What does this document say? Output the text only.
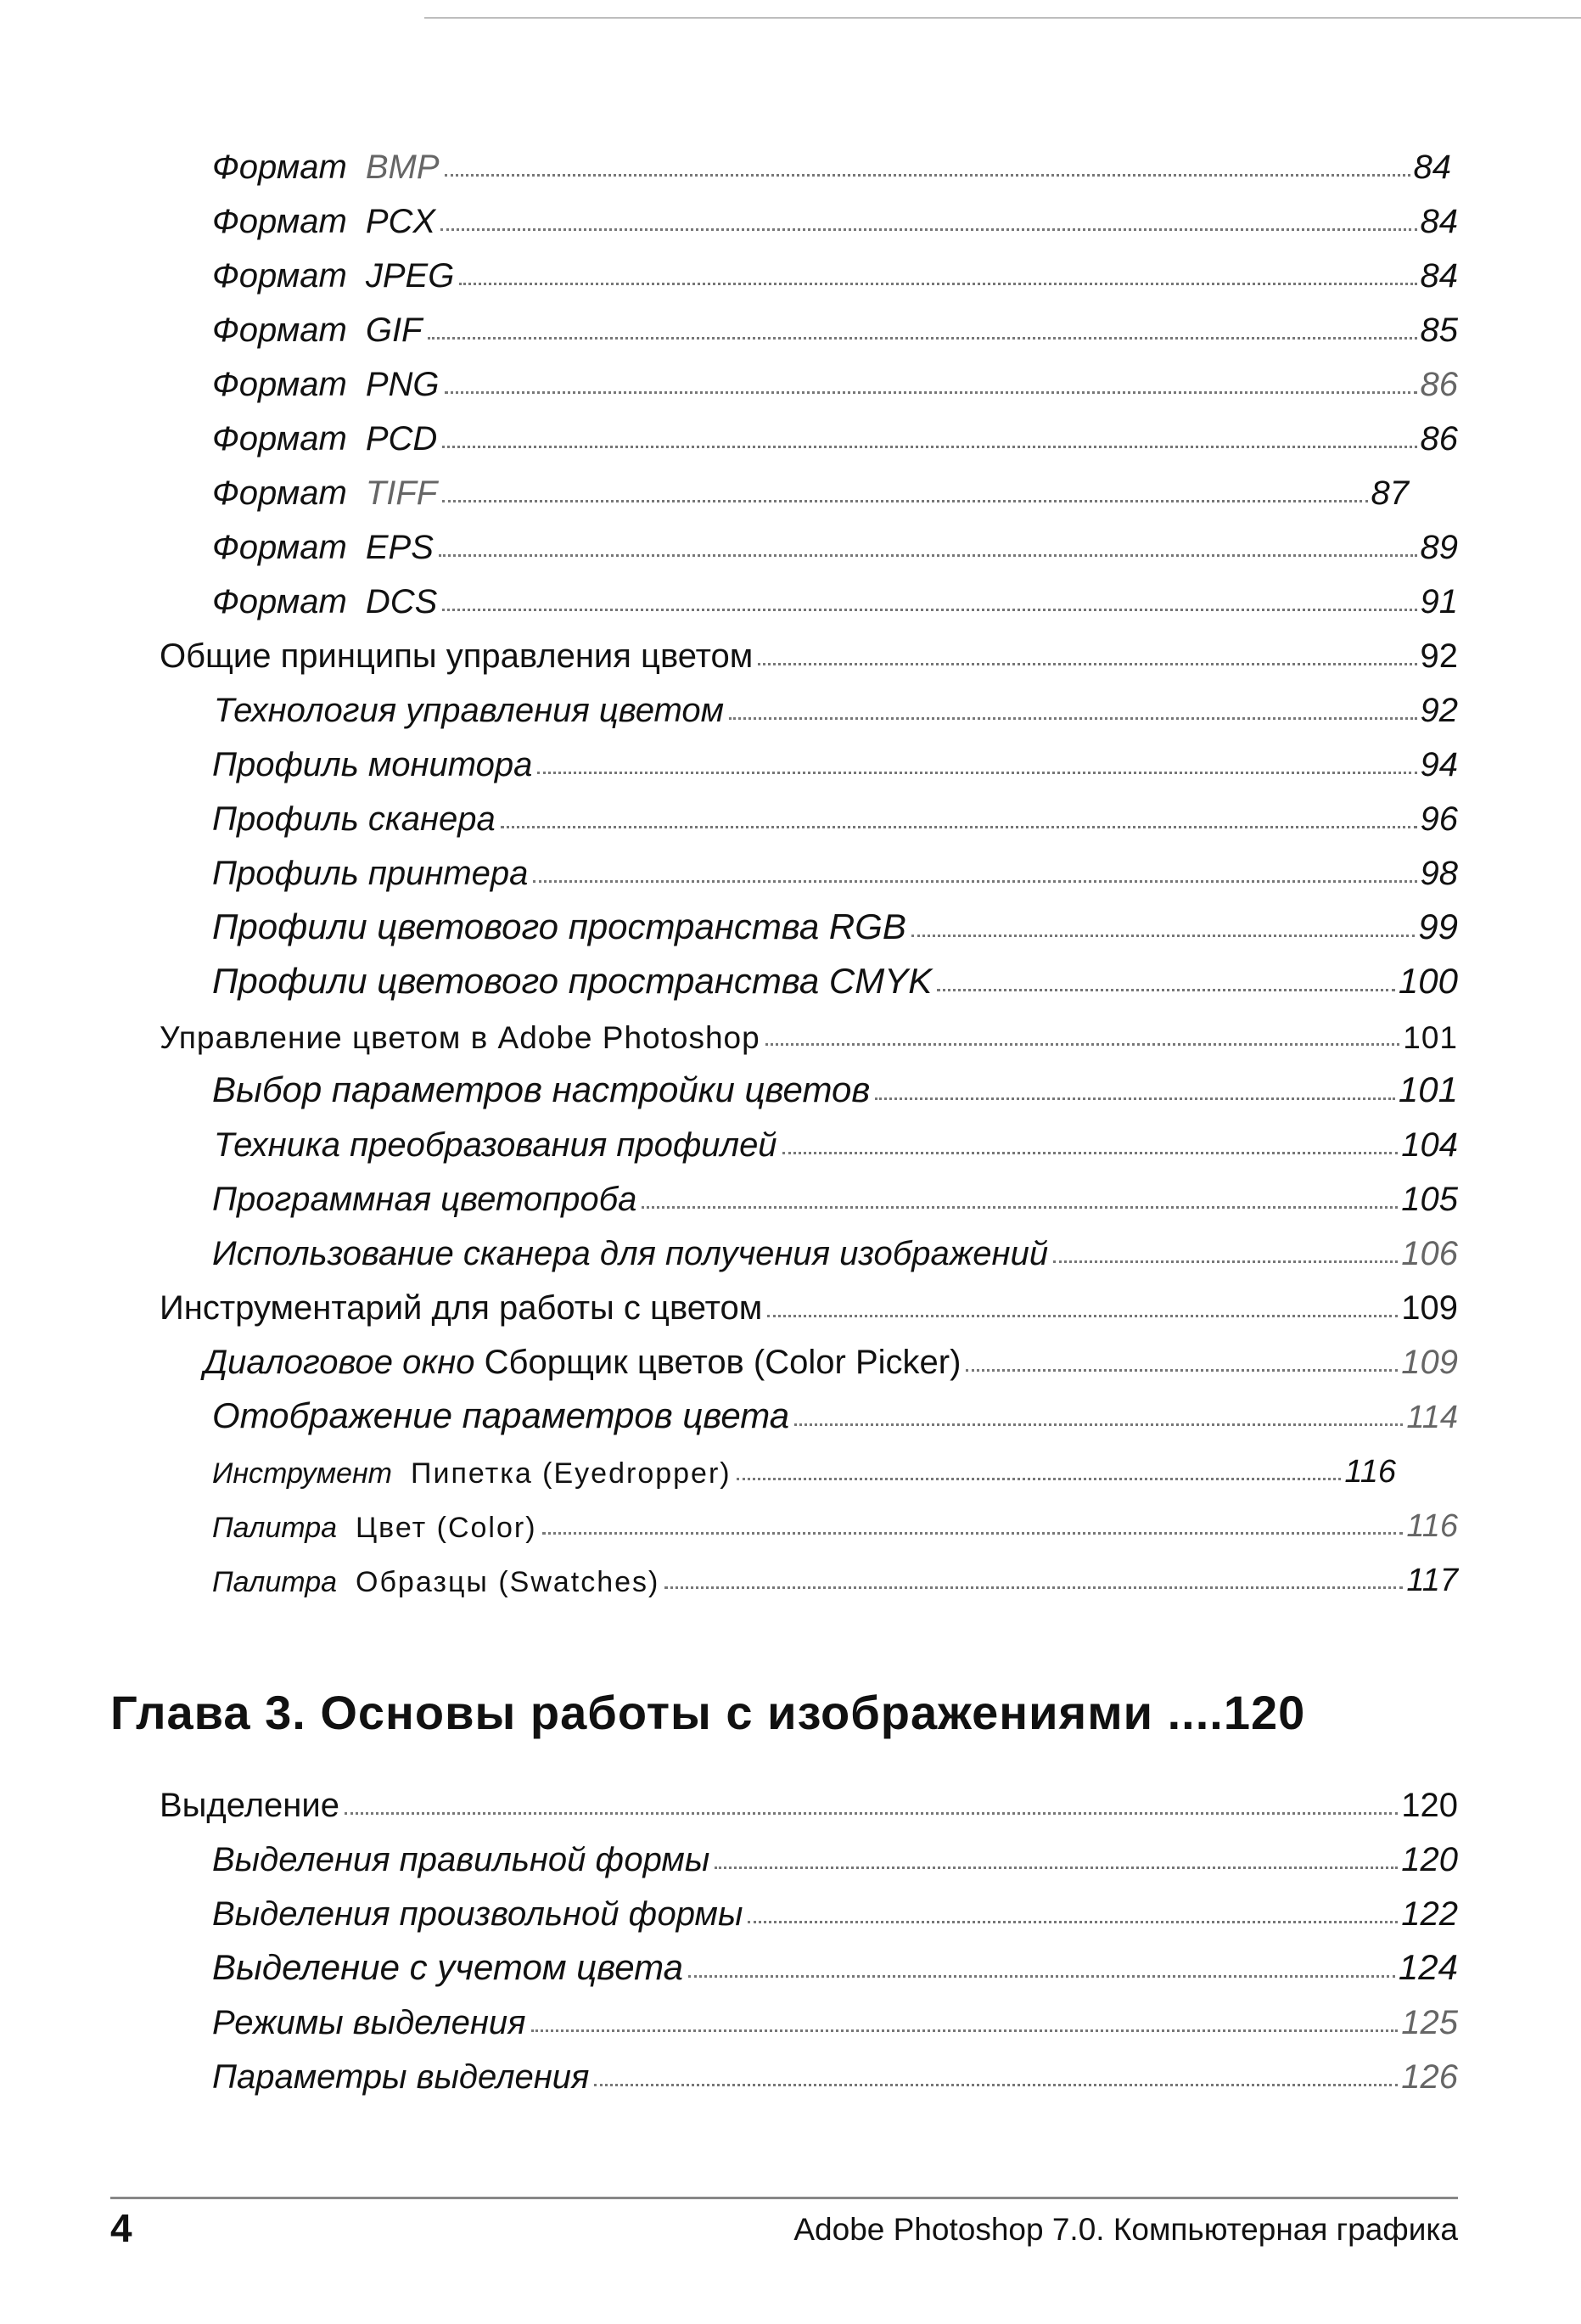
Формат BMP	84
Формат PCX	84
Формат JPEG	84
Формат GIF	85
Формат PNG	86
Формат PCD	86
Формат TIFF	87
Формат EPS	89
Формат DCS	91
Общие принципы управления цветом	92
Технология управления цветом	92
Профиль монитора	94
Профиль сканера	96
Профиль принтера	98
Профили цветового пространства RGB	99
Профили цветового пространства CMYK	100
Управление цветом в Adobe Photoshop	101
Выбор параметров настройки цветов	101
Техника преобразования профилей	104
Программная цветопроба	105
Использование сканера для получения изображений	106
Инструментарий для работы с цветом	109
Диалоговое окно Сборщик цветов (Color Picker)	109
Отображение параметров цвета	114
Инструмент Пипетка (Eyedropper)	116
Палитра Цвет (Color)	116
Палитра Образцы (Swatches)	117
Глава 3. Основы работы с изображениями ....120
Выделение	120
Выделения правильной формы	120
Выделения произвольной формы	122
Выделение с учетом цвета	124
Режимы выделения	125
Параметры выделения	126
4	Adobe Photoshop 7.0. Компьютерная графика
